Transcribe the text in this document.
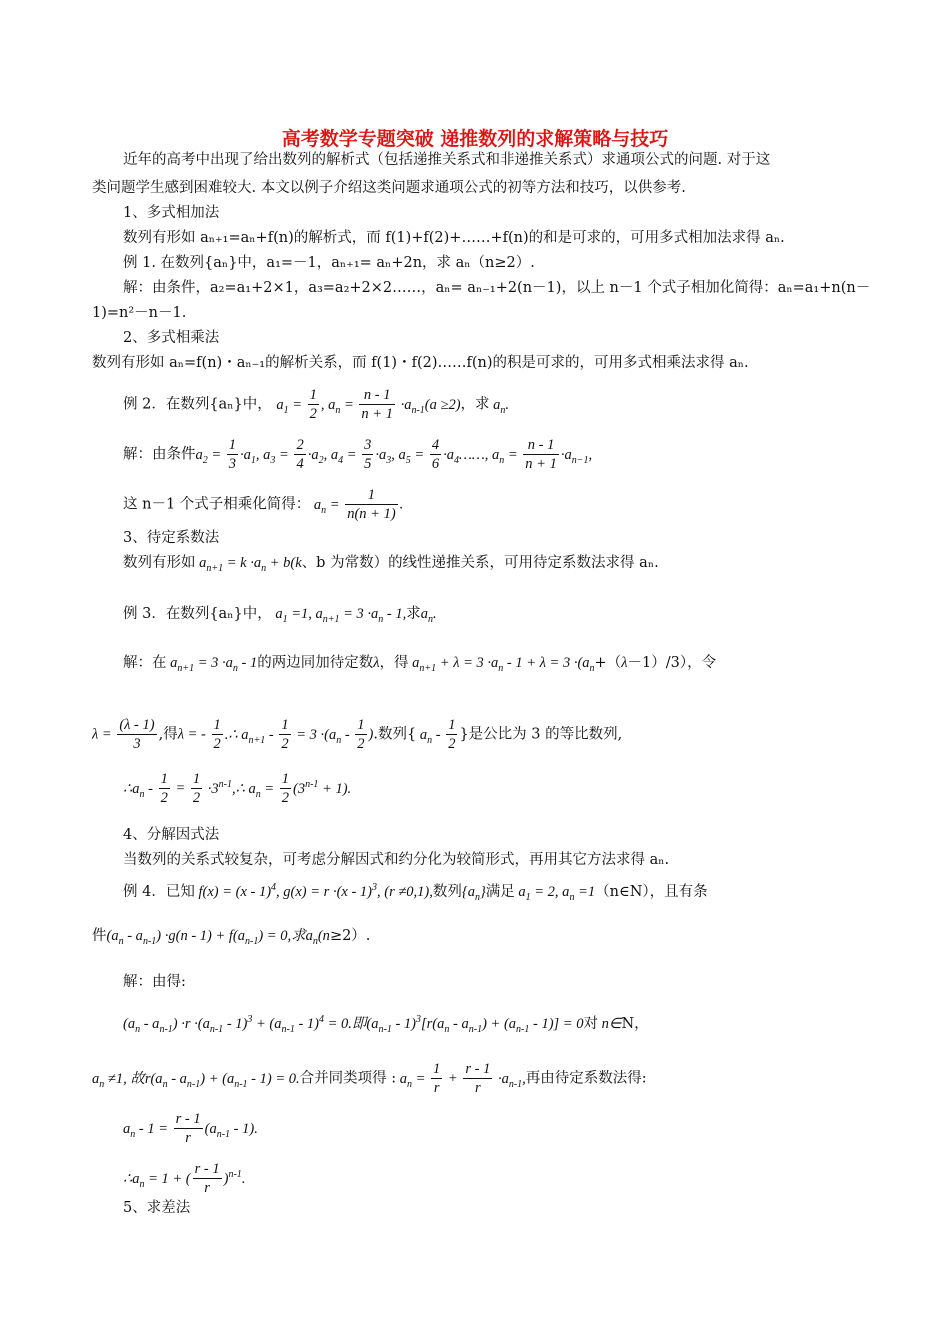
高考数学专题突破 递推数列的求解策略与技巧
近年的高考中出现了给出数列的解析式（包括递推关系式和非递推关系式）求通项公式的问题. 对于这
类问题学生感到困难较大. 本文以例子介绍这类问题求通项公式的初等方法和技巧，以供参考.
1、多式相加法
数列有形如 aₙ₊₁=aₙ+f(n)的解析式，而 f(1)+f(2)+……+f(n)的和是可求的，可用多式相加法求得 aₙ.
例 1. 在数列{aₙ}中，a₁=－1，aₙ₊₁= aₙ+2n，求 aₙ（n≥2）.
解：由条件，a₂=a₁+2×1，a₃=a₂+2×2……，aₙ= aₙ₋₁+2(n－1)，以上 n－1 个式子相加化简得：aₙ=a₁+n(n－
1)=n²－n－1.
2、多式相乘法
数列有形如 aₙ=f(n)・aₙ₋₁的解析关系，而 f(1)・f(2)……f(n)的积是可求的，可用多式相乘法求得 aₙ.
例 2．在数列{aₙ}中， $a_1 = \frac{1}{2}$ , $a_n = \frac{n - 1}{n + 1} \cdot a_{n-1}(a \ge 2)$，求 $a_n$.
解：由条件$a_2 = \frac{1}{3} \cdot a_1$, $a_3 = \frac{2}{4} \cdot a_2$, $a_4 = \frac{3}{5} \cdot a_3$, $a_5 = \frac{4}{6}$ $\cdot a_4\dots\dots$, $a_n = \frac{n - 1}{n + 1} \cdot a_{n-1}$,
这 n－1 个式子相乘化简得： $a_n = \frac{1}{n(n + 1)}$ .
3、待定系数法
数列有形如 $a_{n+1} = k \cdot a_n + b(k$、b 为常数）的线性递推关系，可用待定系数法求得 aₙ.
例 3．在数列{aₙ}中， $a_1 =1$, $a_{n+1} = 3 \cdot a_n - 1$,求$a_n$.
解：在 $a_{n+1} = 3 \cdot a_n - 1$的两边同加待定数λ，得 $a_{n+1} + \lambda = 3 \cdot a_n - 1 + \lambda = 3 \cdot(a_n+(\lambda-1)/3)$，令
$\lambda = \frac{(\lambda - 1)}{3}$ ,得λ = - $\frac{1}{2}$ .∴ $a_{n+1} - \frac{1}{2} = 3 \cdot(a_n - \frac{1}{2}$ ).数列{ $a_n - \frac{1}{2}$ }是公比为 3 的等比数列,
$\therefore a_n - \frac{1}{2} = \frac{1}{2}$ $\cdot 3^{n-1},\therefore$ $a_n = \frac{1}{2} (3^{n-1} + 1)$.
4、分解因式法
当数列的关系式较复杂，可考虑分解因式和约分化为较简形式，再用其它方法求得 aₙ.
例 4．已知 f(x) = (x - 1)$^4$, g(x) = r ·(x - 1)$^3$, (r ≠0,1),数列$\{a_n\}$满足 $a_1 = 2$, $a_n$ =1（n∈N），且有条
件$(a_n - a_{n-1}) \cdot g(n - 1) + f(a_{n-1}) = 0$,求$a_n(n\ge 2)$.
解：由得:
$(a_n - a_{n-1}) \cdot r \cdot(a_{n-1} - 1)^3 + (a_{n-1} - 1)^4 = 0$.即$(a_{n-1} - 1)^3[r(a_n - a_{n-1}) + (a_{n-1} - 1)] = 0$对 n∈N，
$a_n \ne 1$, 故$r(a_n - a_{n-1}) + (a_{n-1} - 1) = 0$.合并同类项得 : $a_n = \frac{1}{r} + \frac{r - 1}{r} \cdot a_{n-1}$,再由待定系数法得:
$a_n - 1 = \frac{r - 1}{r} (a_{n-1} - 1)$.
$\therefore a_n = 1$ + ( $\frac{r - 1}{r} )^{n-1}$.
5、求差法
